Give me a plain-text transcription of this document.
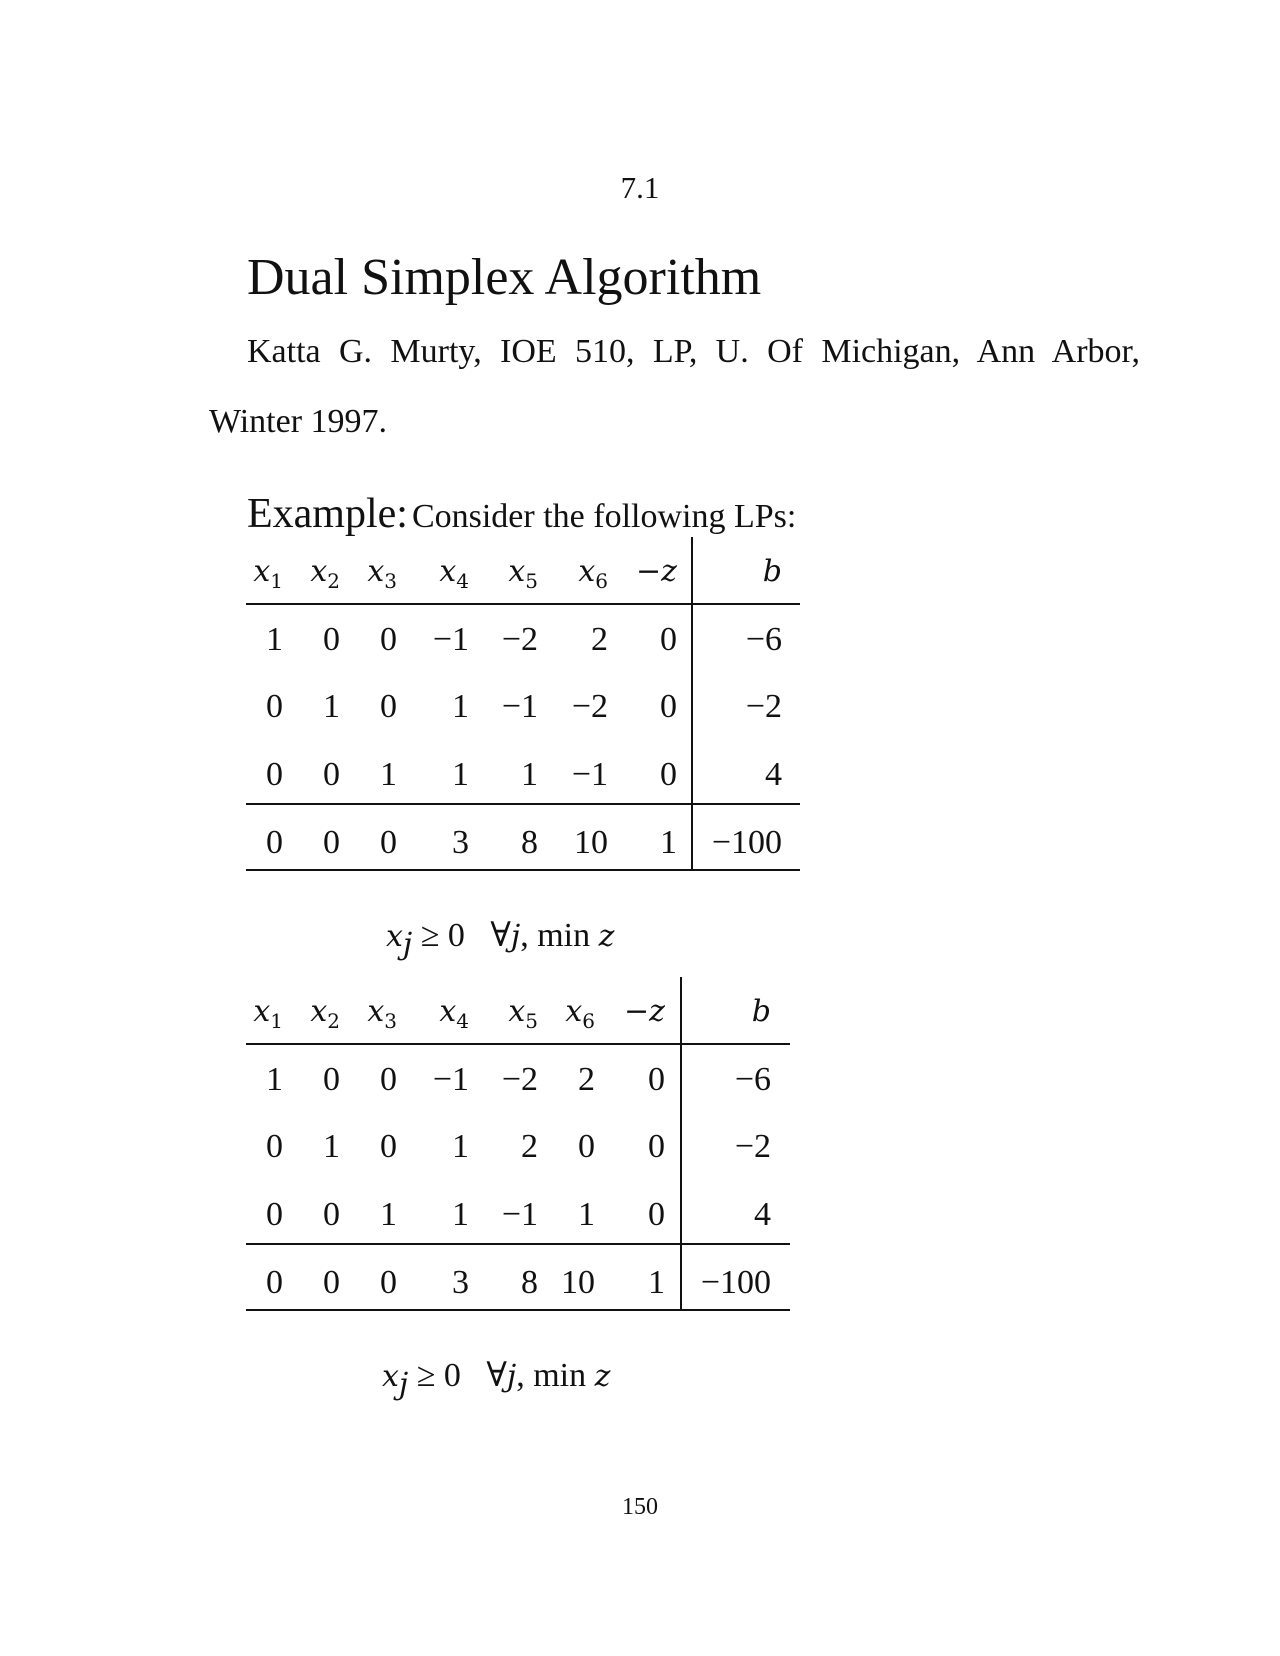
7.1
Dual Simplex Algorithm
Katta G. Murty, IOE 510, LP, U. Of Michigan, Ann Arbor,
Winter 1997.
Example: Consider the following LPs:
$x_1$ $x_2$ $x_3$ $x_4$ $x_5$ $x_6 -z$	b
1 0 0 −1 −2 2 0 −6
0 1 0 1 −1 −2 0 −2
0 0 1 1 1 −1 0	4
0 0 0 3 8 10 1 −100
$x_j \ge 0$   ∀j, min z
$x_1$ $x_2$ $x_3$ $x_4$ $x_5$ $x_6 -z$	b
1 0 0 −1 −2 2 0 −6
0 1 0 1 2 0 0 −2
0 0 1 1 −1 1 0	4
0 0 0 3 8 10 1 −100
$x_j \ge 0$   ∀j, min z
150
